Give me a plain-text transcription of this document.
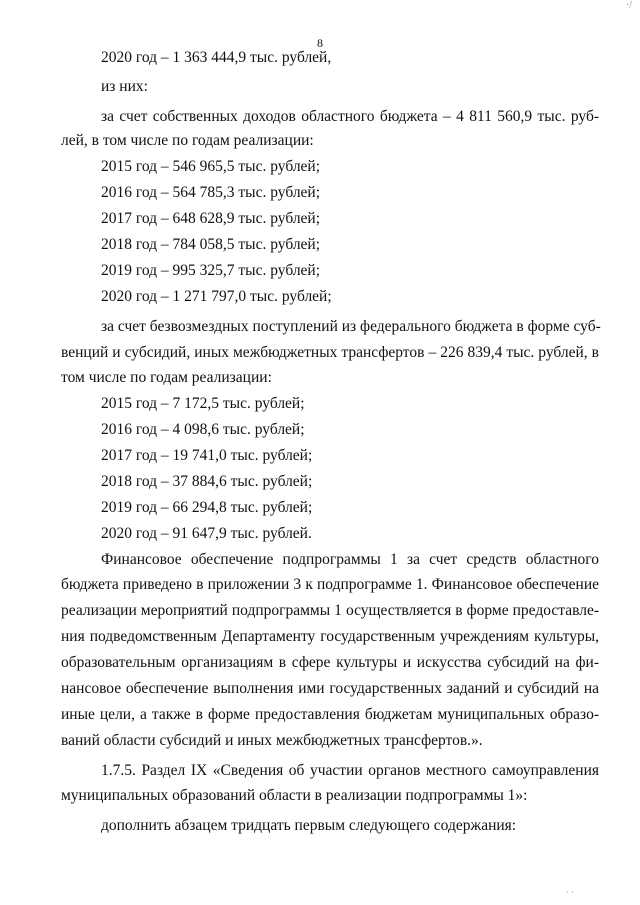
·/
8
2020 год – 1 363 444,9 тыс. рублей,
из них:
за счет собственных доходов областного бюджета – 4 811 560,9 тыс. руб-
лей, в том числе по годам реализации:
2015 год – 546 965,5 тыс. рублей;
2016 год – 564 785,3 тыс. рублей;
2017 год – 648 628,9 тыс. рублей;
2018 год – 784 058,5 тыс. рублей;
2019 год – 995 325,7 тыс. рублей;
2020 год – 1 271 797,0 тыс. рублей;
за счет безвозмездных поступлений из федерального бюджета в форме суб-
венций и субсидий, иных межбюджетных трансфертов – 226 839,4 тыс. рублей, в
том числе по годам реализации:
2015 год – 7 172,5 тыс. рублей;
2016 год – 4 098,6 тыс. рублей;
2017 год – 19 741,0 тыс. рублей;
2018 год – 37 884,6 тыс. рублей;
2019 год – 66 294,8 тыс. рублей;
2020 год – 91 647,9 тыс. рублей.
Финансовое обеспечение подпрограммы 1 за счет средств областного
бюджета приведено в приложении 3 к подпрограмме 1. Финансовое обеспечение
реализации мероприятий подпрограммы 1 осуществляется в форме предоставле-
ния подведомственным Департаменту государственным учреждениям культуры,
образовательным организациям в сфере культуры и искусства субсидий на фи-
нансовое обеспечение выполнения ими государственных заданий и субсидий на
иные цели, а также в форме предоставления бюджетам муниципальных образо-
ваний области субсидий и иных межбюджетных трансфертов.».
1.7.5. Раздел IX «Сведения об участии органов местного самоуправления
муниципальных образований области в реализации подпрограммы 1»:
дополнить абзацем тридцать первым следующего содержания:
· ·
